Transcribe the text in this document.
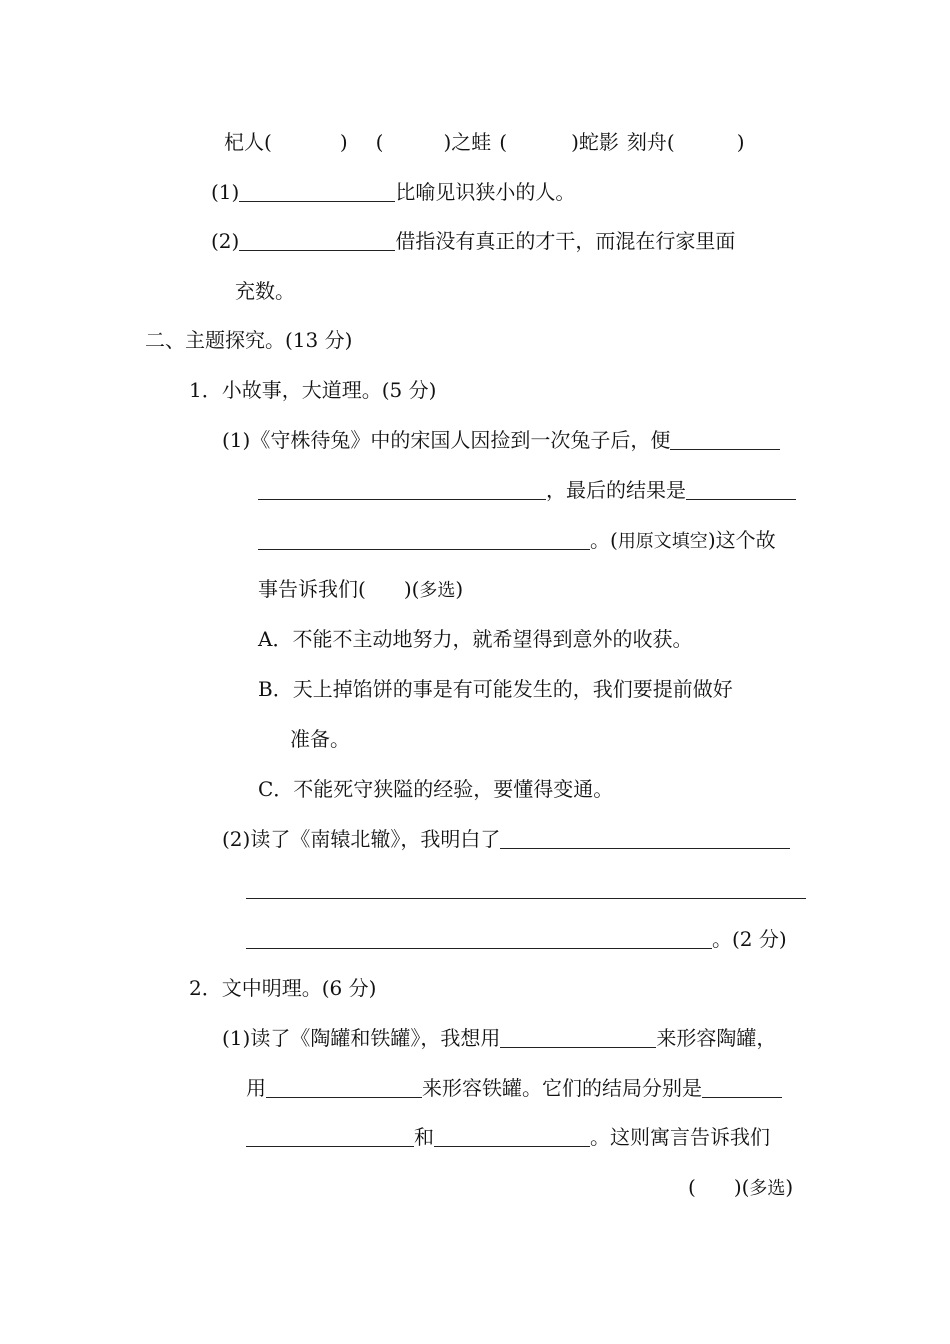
杞人(	) (	)之蛙 (	)蛇影 刻舟(	)
(1)	比喻见识狭小的人。
(2)	借指没有真正的才干，而混在行家里面
充数。
二、主题探究。(13 分)
1．小故事，大道理。(5 分)
(1)《守株待兔》中的宋国人因捡到一次兔子后，便
，最后的结果是
。(用原文填空)这个故
事告诉我们( )(多选)
A．不能不主动地努力，就希望得到意外的收获。
B．天上掉馅饼的事是有可能发生的，我们要提前做好
准备。
C．不能死守狭隘的经验，要懂得变通。
(2)读了《南辕北辙》，我明白了
。(2 分)
2．文中明理。(6 分)
(1)读了《陶罐和铁罐》，我想用	来形容陶罐，
用	来形容铁罐。它们的结局分别是
和	。这则寓言告诉我们
( )(多选)
